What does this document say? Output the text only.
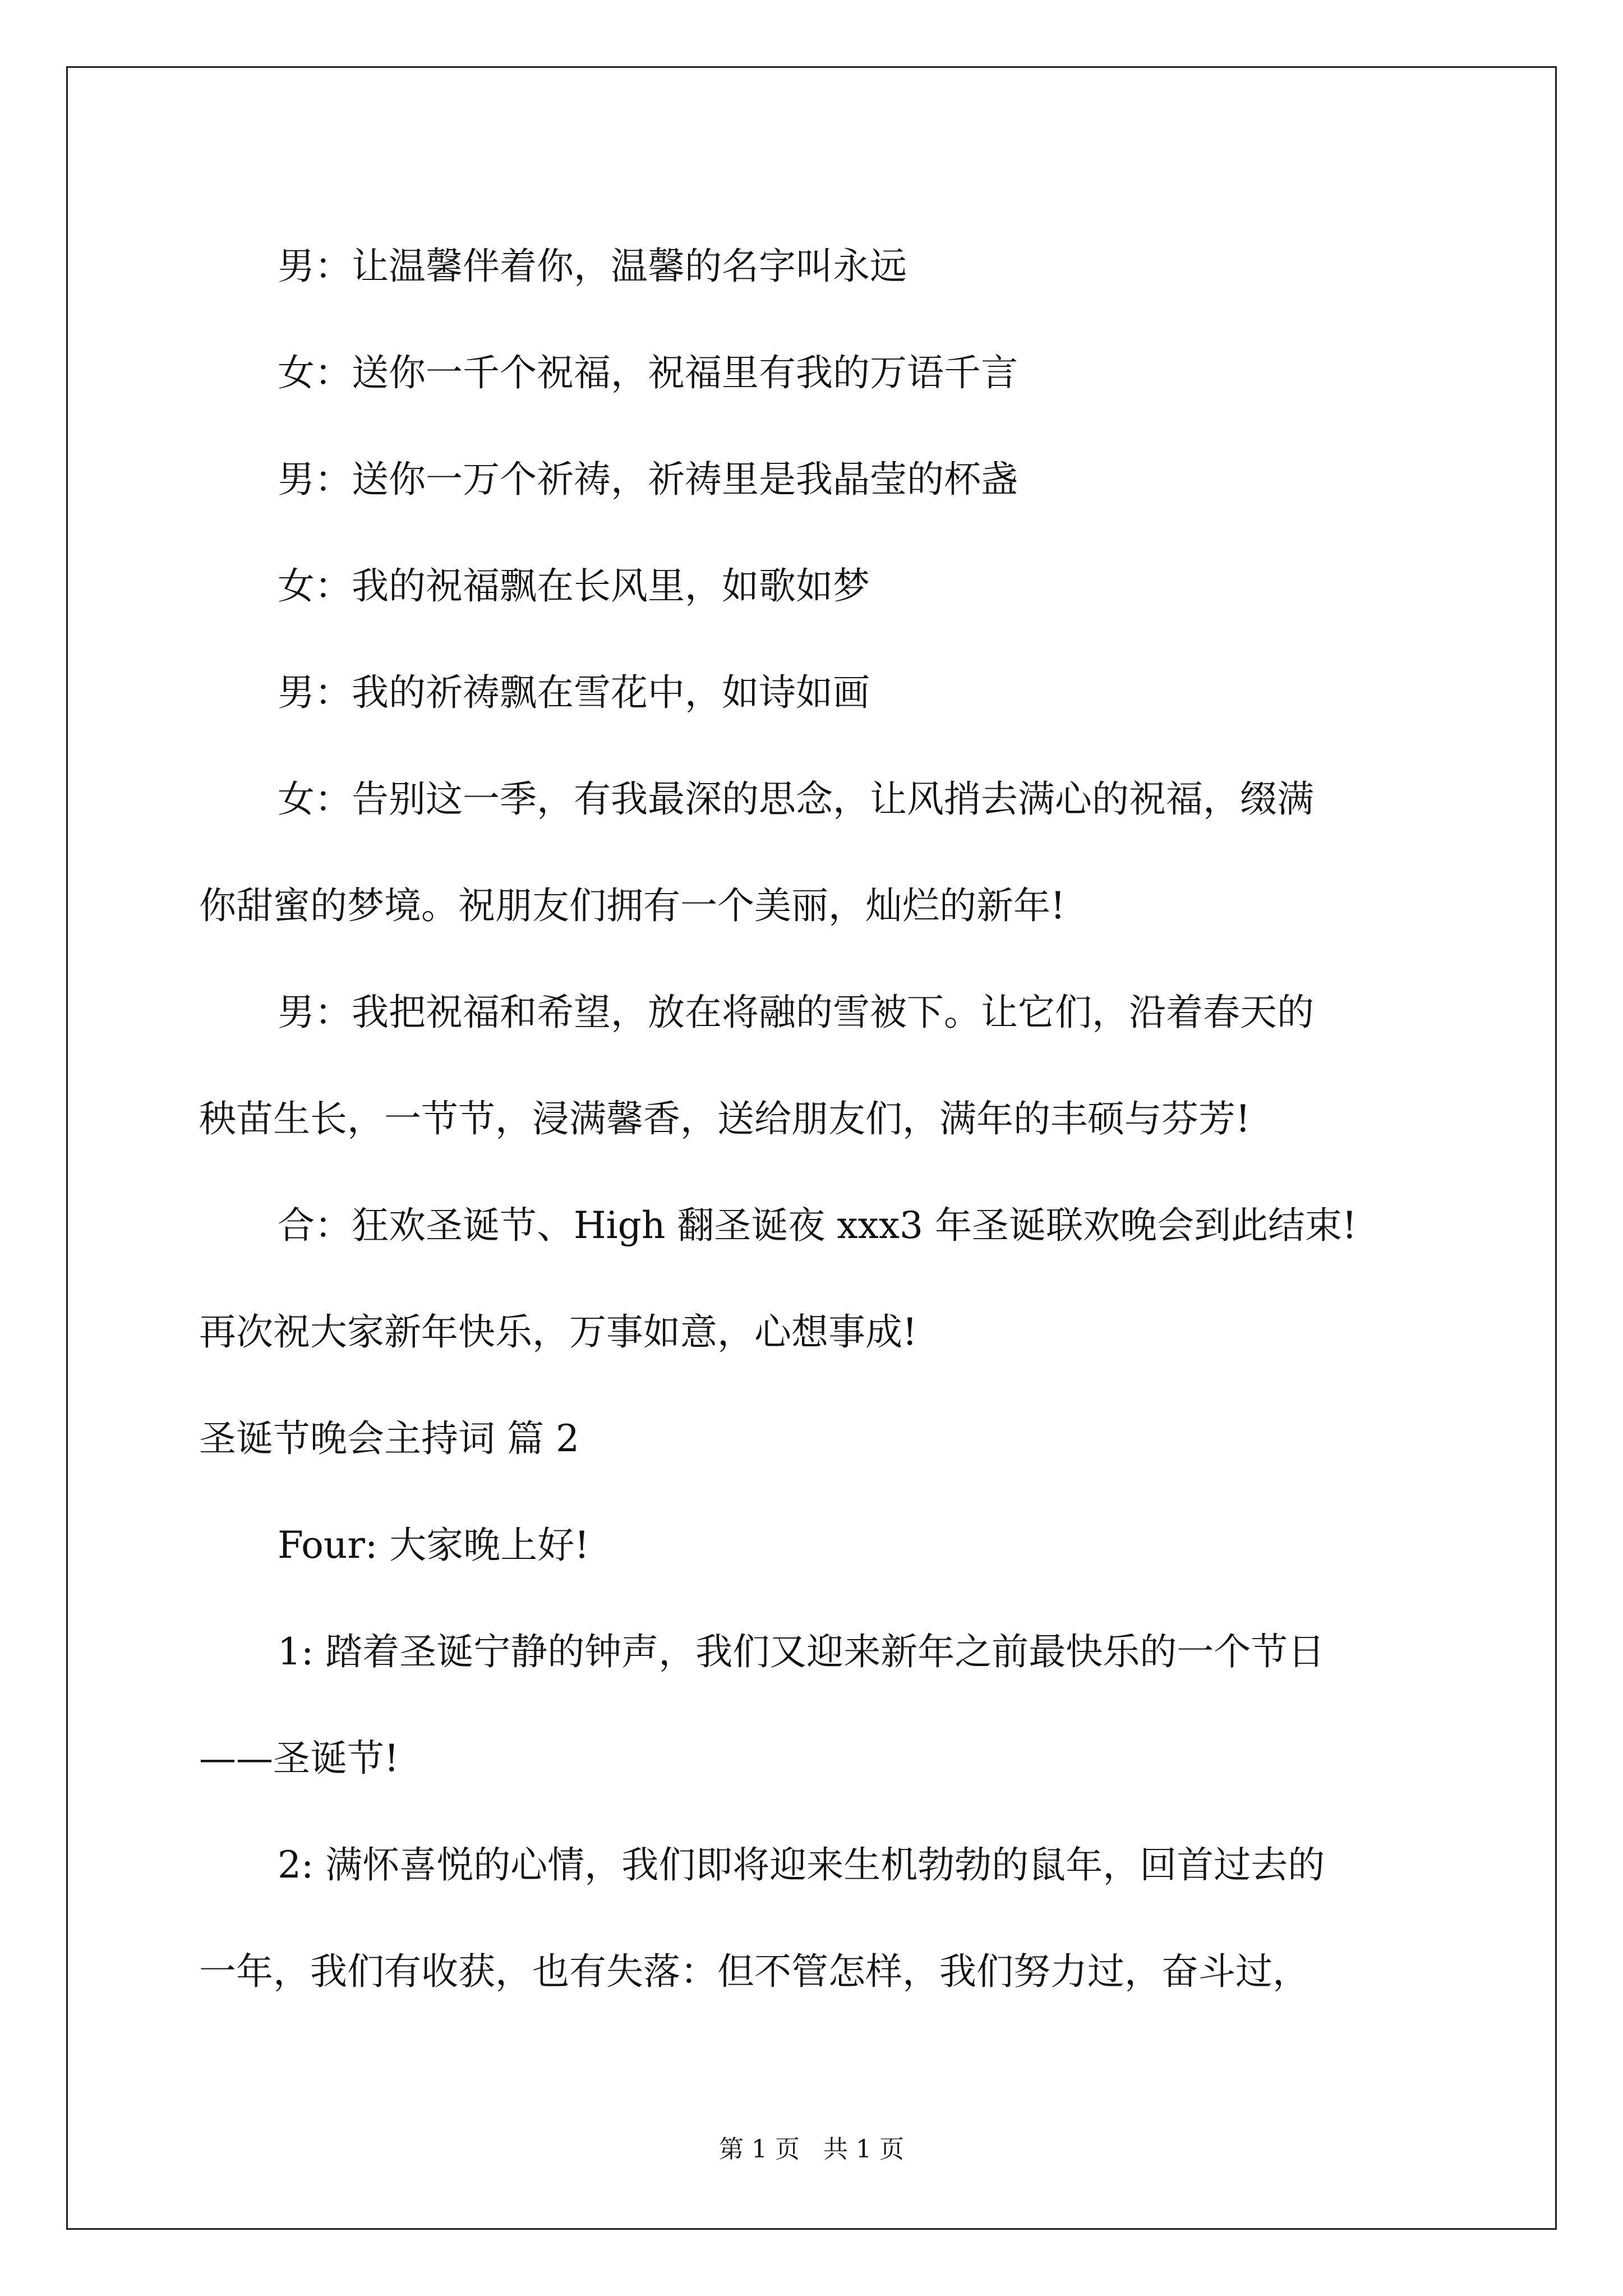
男：让温馨伴着你，温馨的名字叫永远

女：送你一千个祝福，祝福里有我的万语千言

男：送你一万个祈祷，祈祷里是我晶莹的杯盏

女：我的祝福飘在长风里，如歌如梦

男：我的祈祷飘在雪花中，如诗如画

女：告别这一季，有我最深的思念，让风捎去满心的祝福，缀满

你甜蜜的梦境。祝朋友们拥有一个美丽，灿烂的新年!

男：我把祝福和希望，放在将融的雪被下。让它们，沿着春天的

秧苗生长，一节节，浸满馨香，送给朋友们，满年的丰硕与芬芳!

合：狂欢圣诞节、High 翻圣诞夜 xxx3 年圣诞联欢晚会到此结束!

再次祝大家新年快乐，万事如意，心想事成!

圣诞节晚会主持词 篇 2

Four: 大家晚上好!

1: 踏着圣诞宁静的钟声，我们又迎来新年之前最快乐的一个节日

——圣诞节!

2: 满怀喜悦的心情，我们即将迎来生机勃勃的鼠年，回首过去的

一年，我们有收获，也有失落：但不管怎样，我们努力过，奋斗过，

第 1 页 共 1 页
